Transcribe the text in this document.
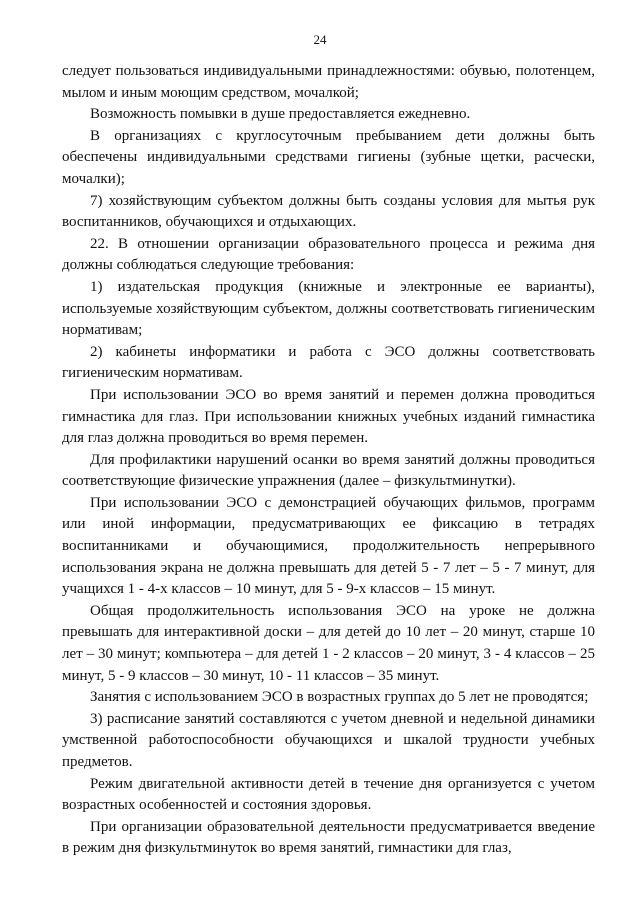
24

следует пользоваться индивидуальными принадлежностями: обувью, полотенцем, мылом и иным моющим средством, мочалкой;

Возможность помывки в душе предоставляется ежедневно.

В организациях с круглосуточным пребыванием дети должны быть обеспечены индивидуальными средствами гигиены (зубные щетки, расчески, мочалки);

7) хозяйствующим субъектом должны быть созданы условия для мытья рук воспитанников, обучающихся и отдыхающих.

22. В отношении организации образовательного процесса и режима дня должны соблюдаться следующие требования:

1) издательская продукция (книжные и электронные ее варианты), используемые хозяйствующим субъектом, должны соответствовать гигиеническим нормативам;

2) кабинеты информатики и работа с ЭСО должны соответствовать гигиеническим нормативам.

При использовании ЭСО во время занятий и перемен должна проводиться гимнастика для глаз. При использовании книжных учебных изданий гимнастика для глаз должна проводиться во время перемен.

Для профилактики нарушений осанки во время занятий должны проводиться соответствующие физические упражнения (далее – физкультминутки).

При использовании ЭСО с демонстрацией обучающих фильмов, программ или иной информации, предусматривающих ее фиксацию в тетрадях воспитанниками и обучающимися, продолжительность непрерывного использования экрана не должна превышать для детей 5 - 7 лет – 5 - 7 минут, для учащихся 1 - 4-х классов – 10 минут, для 5 - 9-х классов – 15 минут.

Общая продолжительность использования ЭСО на уроке не должна превышать для интерактивной доски – для детей до 10 лет – 20 минут, старше 10 лет – 30 минут; компьютера – для детей 1 - 2 классов – 20 минут, 3 - 4 классов – 25 минут, 5 - 9 классов – 30 минут, 10 - 11 классов – 35 минут.

Занятия с использованием ЭСО в возрастных группах до 5 лет не проводятся;

3) расписание занятий составляются с учетом дневной и недельной динамики умственной работоспособности обучающихся и шкалой трудности учебных предметов.

Режим двигательной активности детей в течение дня организуется с учетом возрастных особенностей и состояния здоровья.

При организации образовательной деятельности предусматривается введение в режим дня физкультминуток во время занятий, гимнастики для глаз,
